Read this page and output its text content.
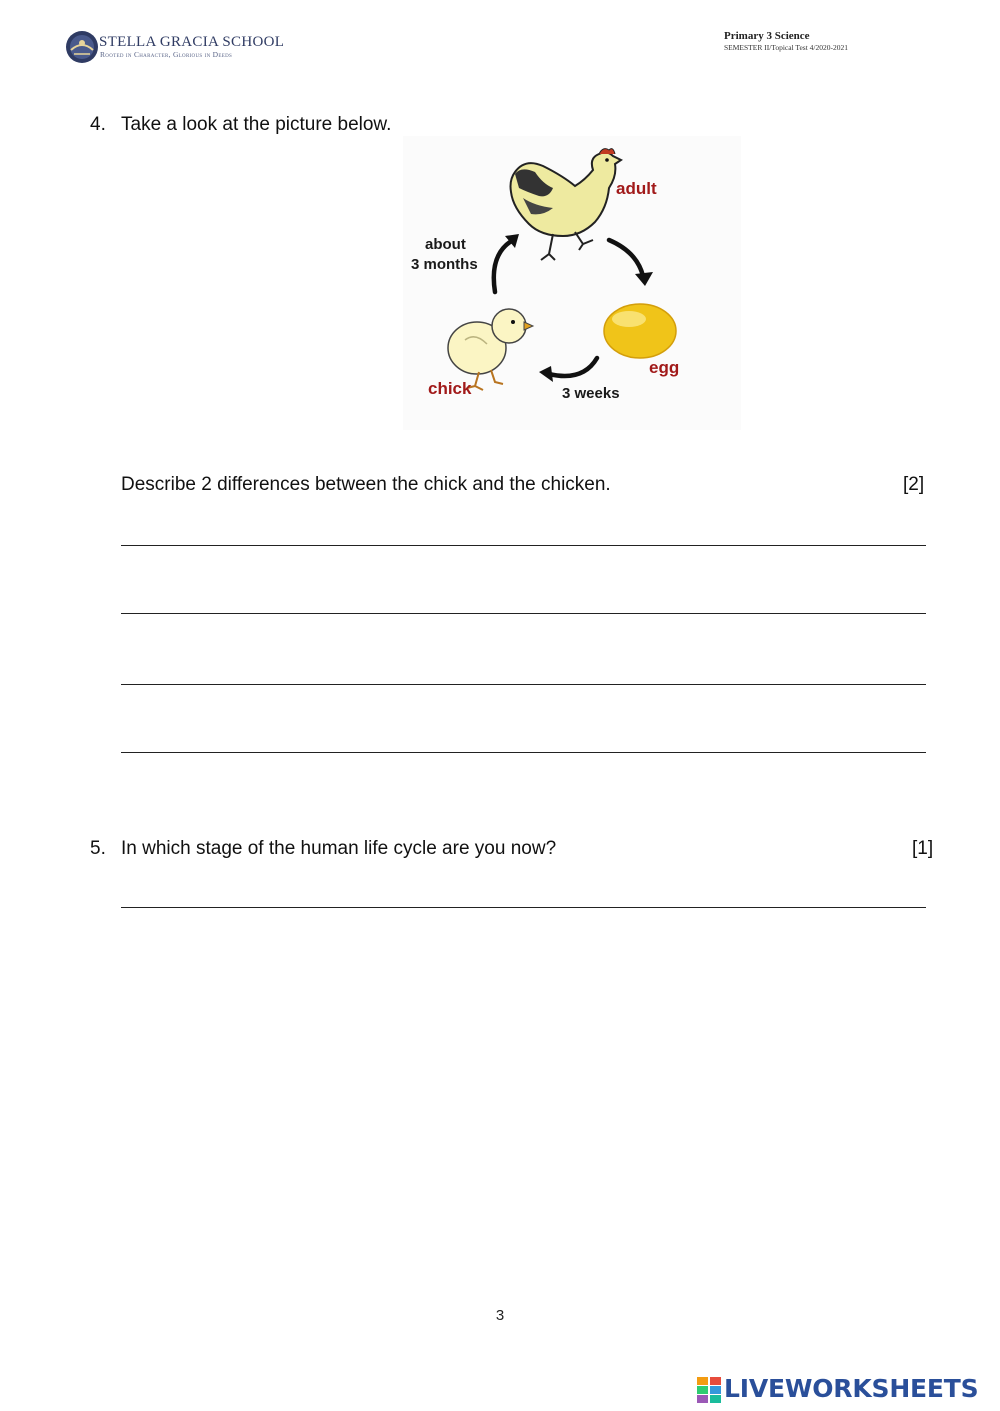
STELLA GRACIA SCHOOL
Rooted in Character, Glorious in Deeds
Primary 3 Science
SEMESTER II/Topical Test 4/2020-2021
4. Take a look at the picture below.
adult
egg
chick	3 weeks
about
3 months
Describe 2 differences between the chick and the chicken.	[2]
5. In which stage of the human life cycle are you now?	[1]
3
LIVEWORKSHEETS
